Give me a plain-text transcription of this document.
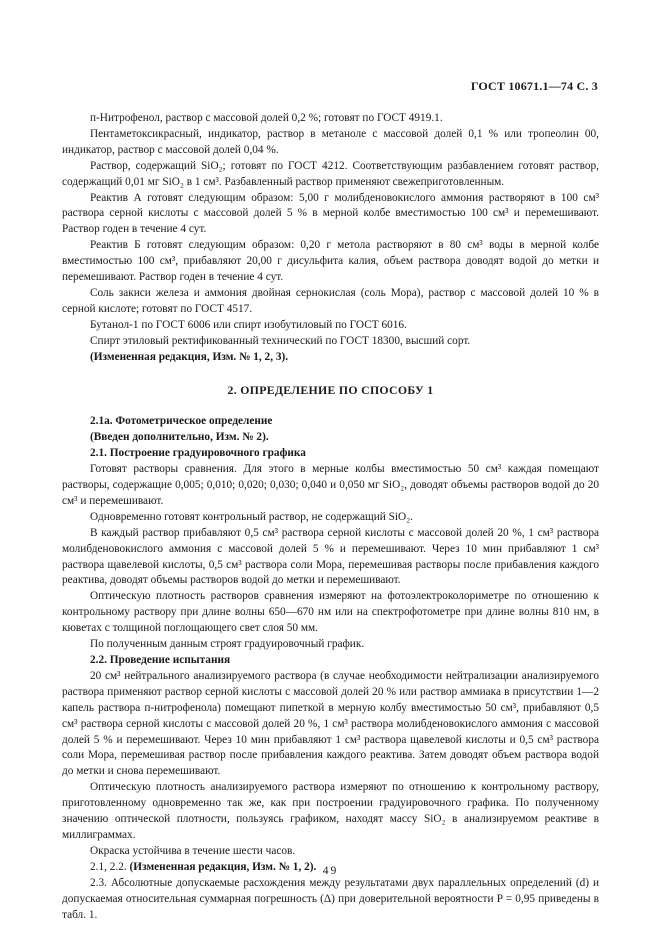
ГОСТ 10671.1—74 С. 3

п-Нитрофенол, раствор с массовой долей 0,2 %; готовят по ГОСТ 4919.1.

Пентаметоксикрасный, индикатор, раствор в метаноле с массовой долей 0,1 % или тропеолин 00, индикатор, раствор с массовой долей 0,04 %.

Раствор, содержащий SiO₂; готовят по ГОСТ 4212. Соответствующим разбавлением готовят раствор, содержащий 0,01 мг SiO₂ в 1 см³. Разбавленный раствор применяют свежеприготовленным.

Реактив А готовят следующим образом: 5,00 г молибденовокислого аммония растворяют в 100 см³ раствора серной кислоты с массовой долей 5 % в мерной колбе вместимостью 100 см³ и перемешивают. Раствор годен в течение 4 сут.

Реактив Б готовят следующим образом: 0,20 г метола растворяют в 80 см³ воды в мерной колбе вместимостью 100 см³, прибавляют 20,00 г дисульфита калия, объем раствора доводят водой до метки и перемешивают. Раствор годен в течение 4 сут.

Соль закиси железа и аммония двойная сернокислая (соль Мора), раствор с массовой долей 10 % в серной кислоте; готовят по ГОСТ 4517.

Бутанол-1 по ГОСТ 6006 или спирт изобутиловый по ГОСТ 6016.

Спирт этиловый ректификованный технический по ГОСТ 18300, высший сорт.

(Измененная редакция, Изм. № 1, 2, 3).

2. ОПРЕДЕЛЕНИЕ ПО СПОСОБУ 1

2.1а. Фотометрическое определение

(Введен дополнительно, Изм. № 2).

2.1. Построение градуировочного графика

Готовят растворы сравнения. Для этого в мерные колбы вместимостью 50 см³ каждая помещают растворы, содержащие 0,005; 0,010; 0,020; 0,030; 0,040 и 0,050 мг SiO₂, доводят объемы растворов водой до 20 см³ и перемешивают.

Одновременно готовят контрольный раствор, не содержащий SiO₂.

В каждый раствор прибавляют 0,5 см³ раствора серной кислоты с массовой долей 20 %, 1 см³ раствора молибденовокислого аммония с массовой долей 5 % и перемешивают. Через 10 мин прибавляют 1 см³ раствора щавелевой кислоты, 0,5 см³ раствора соли Мора, перемешивая растворы после прибавления каждого реактива, доводят объемы растворов водой до метки и перемешивают.

Оптическую плотность растворов сравнения измеряют на фотоэлектроколориметре по отношению к контрольному раствору при длине волны 650—670 нм или на спектрофотометре при длине волны 810 нм, в кюветах с толщиной поглощающего свет слоя 50 мм.

По полученным данным строят градуировочный график.

2.2. Проведение испытания

20 см³ нейтрального анализируемого раствора (в случае необходимости нейтрализации анализируемого раствора применяют раствор серной кислоты с массовой долей 20 % или раствор аммиака в присутствии 1—2 капель раствора п-нитрофенола) помещают пипеткой в мерную колбу вместимостью 50 см³, прибавляют 0,5 см³ раствора серной кислоты с массовой долей 20 %, 1 см³ раствора молибденовокислого аммония с массовой долей 5 % и перемешивают. Через 10 мин прибавляют 1 см³ раствора щавелевой кислоты и 0,5 см³ раствора соли Мора, перемешивая раствор после прибавления каждого реактива. Затем доводят объем раствора водой до метки и снова перемешивают.

Оптическую плотность анализируемого раствора измеряют по отношению к контрольному раствору, приготовленному одновременно так же, как при построении градуировочного графика. По полученному значению оптической плотности, пользуясь графиком, находят массу SiO₂ в анализируемом реактиве в миллиграммах.

Окраска устойчива в течение шести часов.

2.1, 2.2. (Измененная редакция, Изм. № 1, 2).

2.3. Абсолютные допускаемые расхождения между результатами двух параллельных определений (d) и допускаемая относительная суммарная погрешность (Δ) при доверительной вероятности P = 0,95 приведены в табл. 1.

49
